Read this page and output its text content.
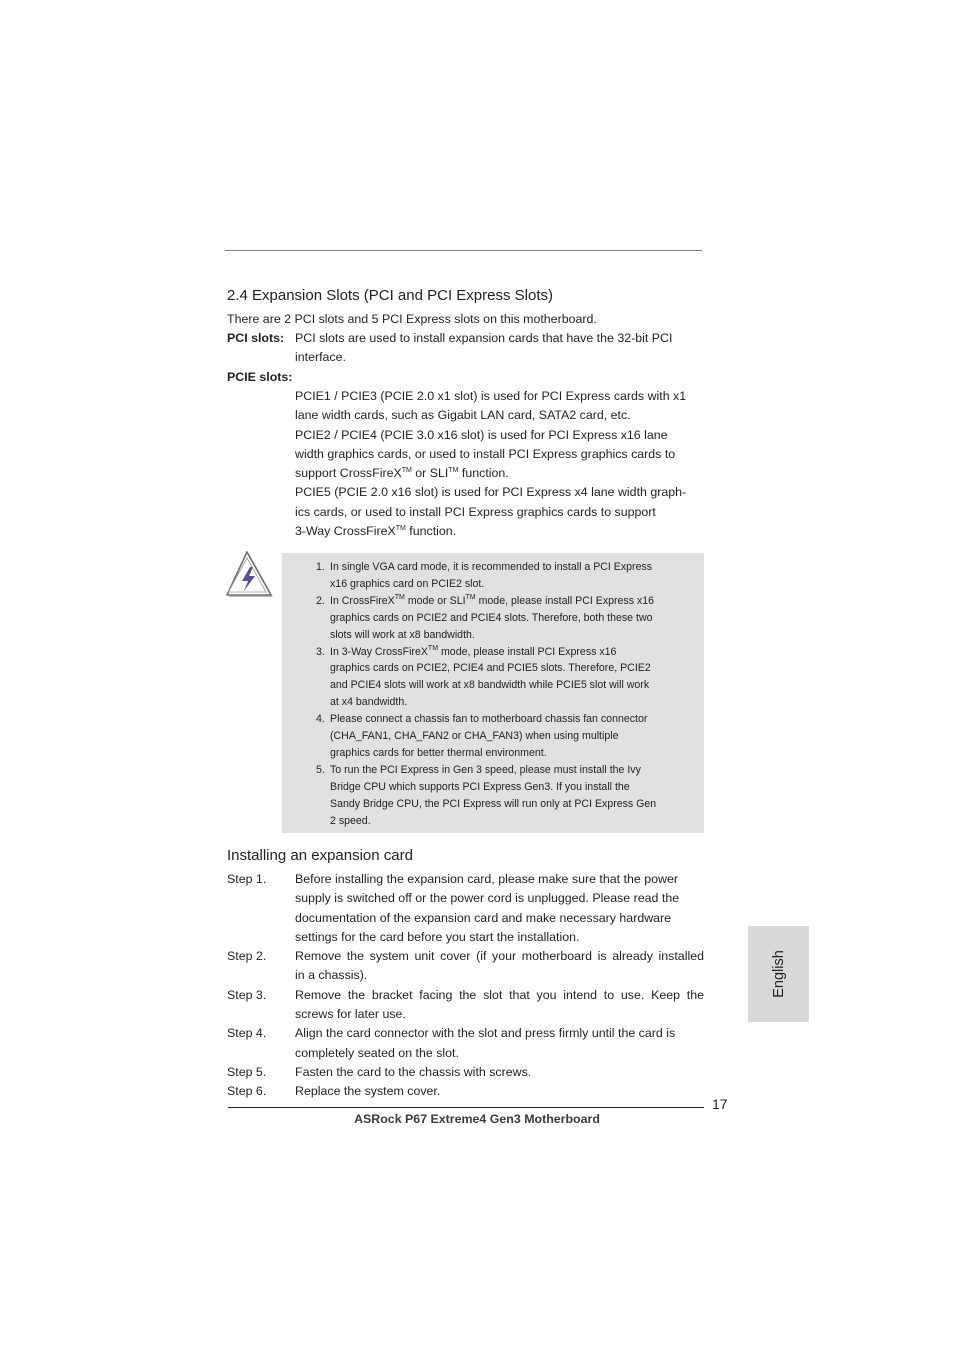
2.4 Expansion Slots (PCI and PCI Express Slots)
There are 2 PCI slots and 5 PCI Express slots on this motherboard.
PCI slots: PCI slots are used to install expansion cards that have the 32-bit PCI
interface.
PCIE slots:
PCIE1 / PCIE3 (PCIE 2.0 x1 slot) is used for PCI Express cards with x1
lane width cards, such as Gigabit LAN card, SATA2 card, etc.
PCIE2 / PCIE4 (PCIE 3.0 x16 slot) is used for PCI Express x16 lane
width graphics cards, or used to install PCI Express graphics cards to
support CrossFireX™ or SLI™ function.
PCIE5 (PCIE 2.0 x16 slot) is used for PCI Express x4 lane width graph-
ics cards, or used to install PCI Express graphics cards to support
3-Way CrossFireX™ function.
1. In single VGA card mode, it is recommended to install a PCI Express
x16 graphics card on PCIE2 slot.
2. In CrossFireX™ mode or SLI™ mode, please install PCI Express x16
graphics cards on PCIE2 and PCIE4 slots. Therefore, both these two
slots will work at x8 bandwidth.
3. In 3-Way CrossFireX™ mode, please install PCI Express x16
graphics cards on PCIE2, PCIE4 and PCIE5 slots. Therefore, PCIE2
and PCIE4 slots will work at x8 bandwidth while PCIE5 slot will work
at x4 bandwidth.
4. Please connect a chassis fan to motherboard chassis fan connector
(CHA_FAN1, CHA_FAN2 or CHA_FAN3) when using multiple
graphics cards for better thermal environment.
5. To run the PCI Express in Gen 3 speed, please must install the Ivy
Bridge CPU which supports PCI Express Gen3. If you install the
Sandy Bridge CPU, the PCI Express will run only at PCI Express Gen
2 speed.
Installing an expansion card
Step 1. Before installing the expansion card, please make sure that the power
supply is switched off or the power cord is unplugged. Please read the
documentation of the expansion card and make necessary hardware
settings for the card before you start the installation.
Step 2. Remove the system unit cover (if your motherboard is already installed
in a chassis).
Step 3. Remove the bracket facing the slot that you intend to use. Keep the
screws for later use.
Step 4. Align the card connector with the slot and press firmly until the card is
completely seated on the slot.
Step 5. Fasten the card to the chassis with screws.
Step 6. Replace the system cover.
17
ASRock P67 Extreme4 Gen3 Motherboard
English
